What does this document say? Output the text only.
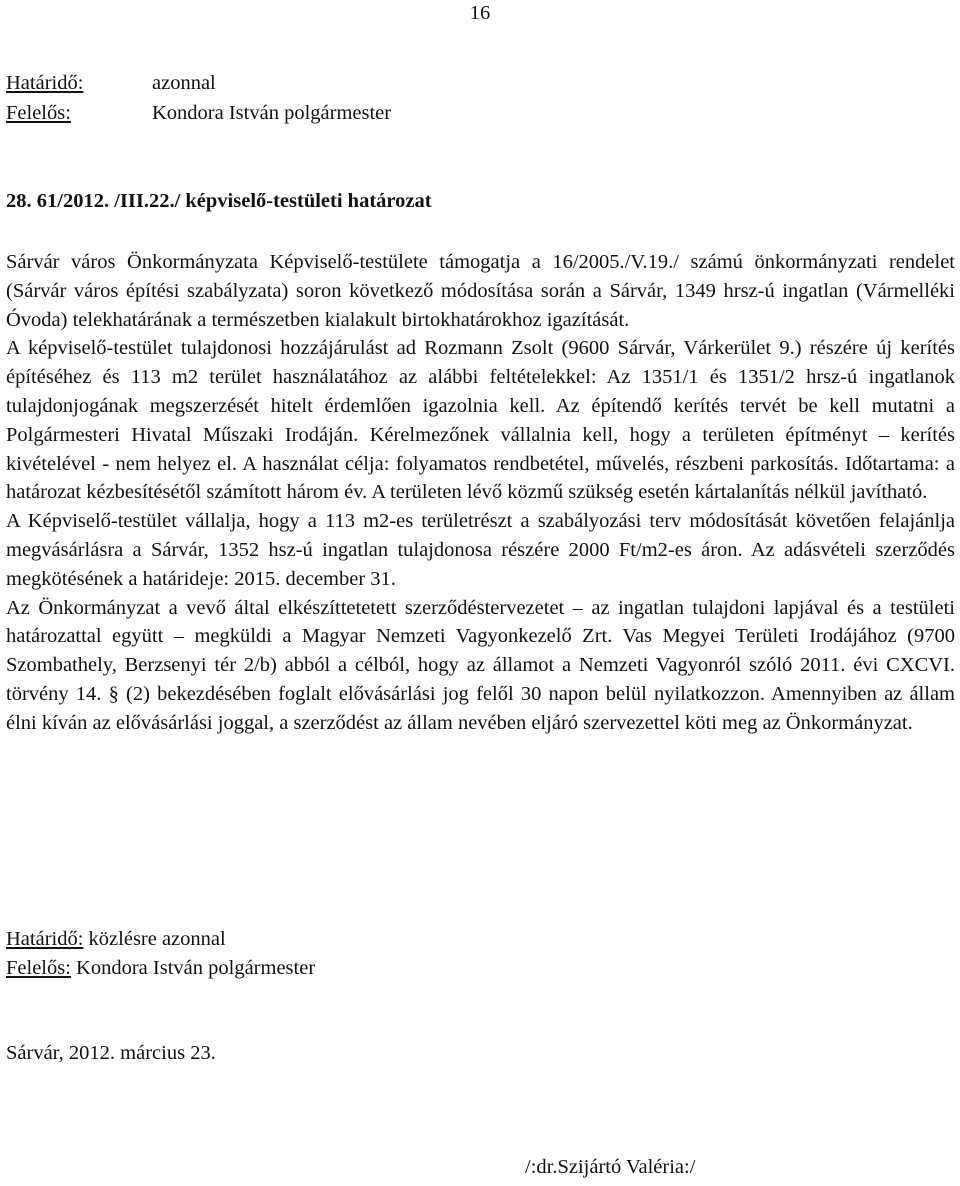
16
Határidő:	azonnal
Felelős:	Kondora István polgármester
28. 61/2012. /III.22./ képviselő-testületi határozat

Sárvár város Önkormányzata Képviselő-testülete támogatja a 16/2005./V.19./ számú önkormányzati rendelet (Sárvár város építési szabályzata) soron következő módosítása során a Sárvár, 1349 hrsz-ú ingatlan (Vármelléki Óvoda) telekhatárának a természetben kialakult birtokhatárokhoz igazítását.

A képviselő-testület tulajdonosi hozzájárulást ad Rozmann Zsolt (9600 Sárvár, Várkerület 9.) részére új kerítés építéséhez és 113 m2 terület használatához az alábbi feltételekkel: Az 1351/1 és 1351/2 hrsz-ú ingatlanok tulajdonjogának megszerzését hitelt érdemlően igazolnia kell. Az építendő kerítés tervét be kell mutatni a Polgármesteri Hivatal Műszaki Irodáján. Kérelmezőnek vállalnia kell, hogy a területen építményt – kerítés kivételével - nem helyez el. A használat célja: folyamatos rendbetétel, művelés, részbeni parkosítás. Időtartama: a határozat kézbesítésétől számított három év. A területen lévő közmű szükség esetén kártalanítás nélkül javítható.

A Képviselő-testület vállalja, hogy a 113 m2-es területrészt a szabályozási terv módosítását követően felajánlja megvásárlásra a Sárvár, 1352 hsz-ú ingatlan tulajdonosa részére 2000 Ft/m2-es áron. Az adásvételi szerződés megkötésének a határideje: 2015. december 31.

Az Önkormányzat a vevő által elkészíttetetett szerződéstervezetet – az ingatlan tulajdoni lapjával és a testületi határozattal együtt – megküldi a Magyar Nemzeti Vagyonkezelő Zrt. Vas Megyei Területi Irodájához (9700 Szombathely, Berzsenyi tér 2/b) abból a célból, hogy az államot a Nemzeti Vagyonról szóló 2011. évi CXCVI. törvény 14. § (2) bekezdésében foglalt elővásárlási jog felől 30 napon belül nyilatkozzon. Amennyiben az állam élni kíván az elővásárlási joggal, a szerződést az állam nevében eljáró szervezettel köti meg az Önkormányzat.

Határidő: közlésre azonnal
Felelős: Kondora István polgármester
Sárvár, 2012. március 23.
/:dr.Szijártó Valéria:/
